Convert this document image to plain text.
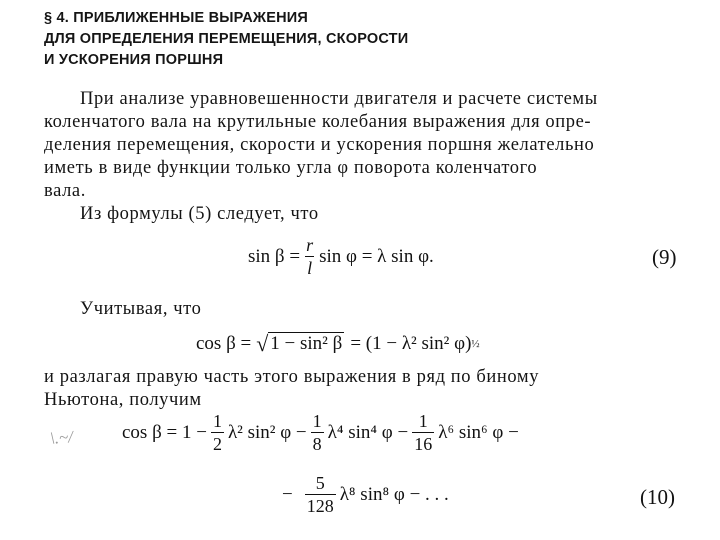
§ 4. ПРИБЛИЖЕННЫЕ ВЫРАЖЕНИЯ
ДЛЯ ОПРЕДЕЛЕНИЯ ПЕРЕМЕЩЕНИЯ, СКОРОСТИ
И УСКОРЕНИЯ ПОРШНЯ
При анализе уравновешенности двигателя и расчете системы
коленчатого вала на крутильные колебания выражения для опре-
деления перемещения, скорости и ускорения поршня желательно
иметь в виде функции только угла φ поворота коленчатого
вала.
Из формулы (5) следует, что
$\sin \beta = \frac{r}{l}$ sin φ = λ sin φ.	(9)
Учитывая, что
cos β = √ 1 − sin² β = (1 − λ² sin² φ) ½
и разлагая правую часть этого выражения в ряд по биному
Ньютона, получим
\.~/	$\cos \beta = 1 - \frac{1}{2} \lambda^2$ sin² $\varphi - \frac{1}{8} \lambda^4$ sin⁴ $\varphi - \frac{1}{16} \lambda^6$ sin⁶ φ −
− $\frac{5}{128} \lambda^8$ sin⁸ φ − . . .	(10)
